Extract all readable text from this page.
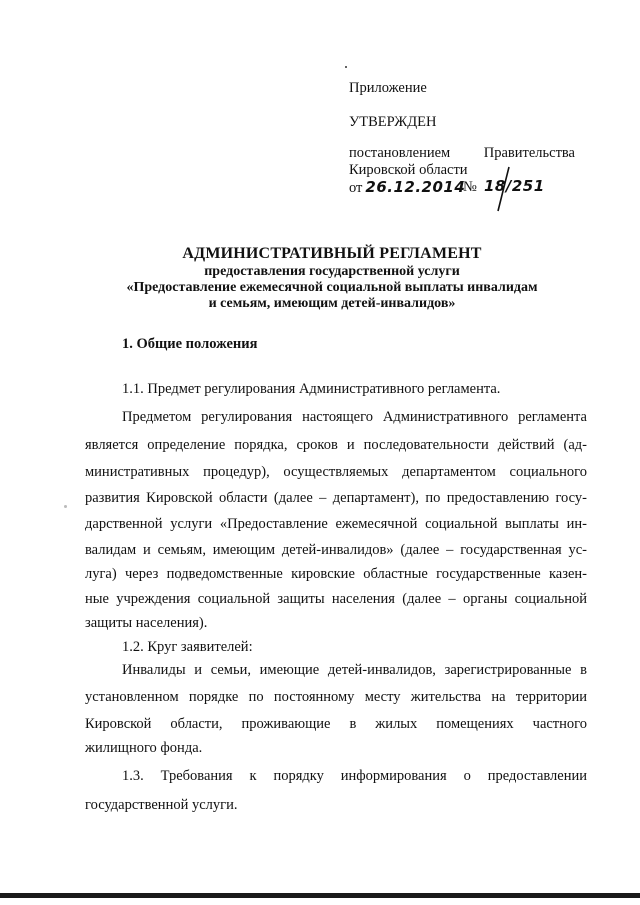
Приложение

УТВЕРЖДЕН

постановлением Правительства
Кировской области
от 26.12.2014
№ 18/251
АДМИНИСТРАТИВНЫЙ РЕГЛАМЕНТ
предоставления государственной услуги
«Предоставление ежемесячной социальной выплаты инвалидам
и семьям, имеющим детей-инвалидов»
1. Общие положения
1.1. Предмет регулирования Административного регламента.
Предметом регулирования настоящего Административного регламента
является определение порядка, сроков и последовательности действий (ад-
министративных процедур), осуществляемых департаментом социального
развития Кировской области (далее – департамент), по предоставлению госу-
дарственной услуги «Предоставление ежемесячной социальной выплаты ин-
валидам и семьям, имеющим детей-инвалидов» (далее – государственная ус-
луга) через подведомственные кировские областные государственные казен-
ные учреждения социальной защиты населения (далее – органы социальной
защиты населения).
1.2. Круг заявителей:
Инвалиды и семьи, имеющие детей-инвалидов, зарегистрированные в
установленном порядке по постоянному месту жительства на территории
Кировской области, проживающие в жилых помещениях частного
жилищного фонда.
1.3. Требования к порядку информирования о предоставлении
государственной услуги.
